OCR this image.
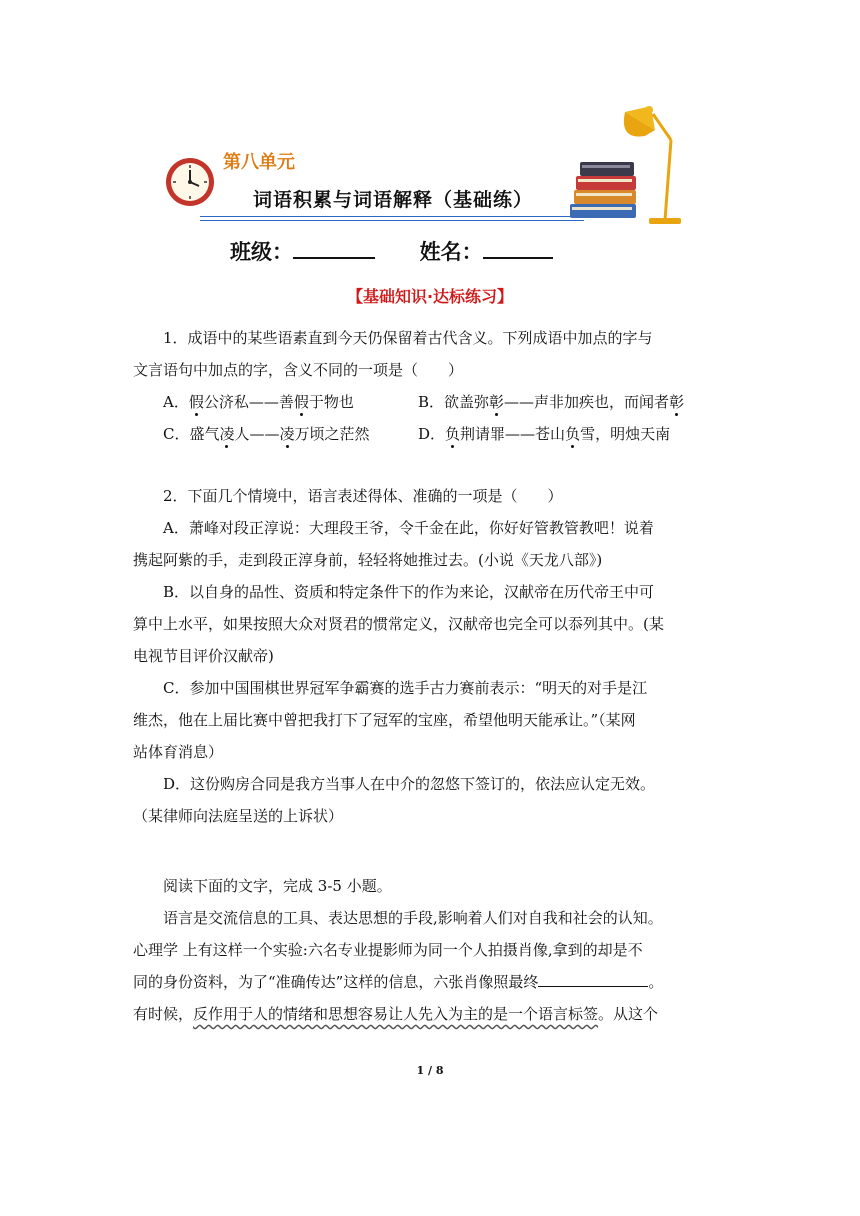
第八单元
词语积累与词语解释（基础练）
班级：	姓名：
【基础知识·达标练习】

1．成语中的某些语素直到今天仍保留着古代含义。下列成语中加点的字与

文言语句中加点的字，含义不同的一项是（　　）

A．假公济私——善假于物也	B．欲盖弥彰——声非加疾也，而闻者彰
C．盛气凌人——凌万顷之茫然	D．负荆请罪——苍山负雪，明烛天南

2．下面几个情境中，语言表述得体、准确的一项是（　　）

A．萧峰对段正淳说：大理段王爷，令千金在此，你好好管教管教吧！说着

携起阿紫的手，走到段正淳身前，轻轻将她推过去。(小说《天龙八部》)

B．以自身的品性、资质和特定条件下的作为来论，汉献帝在历代帝王中可

算中上水平，如果按照大众对贤君的惯常定义，汉献帝也完全可以忝列其中。(某

电视节目评价汉献帝)

C．参加中国围棋世界冠军争霸赛的选手古力赛前表示：“明天的对手是江

维杰，他在上届比赛中曾把我打下了冠军的宝座，希望他明天能承让。”（某网

站体育消息）

D．这份购房合同是我方当事人在中介的忽悠下签订的，依法应认定无效。

（某律师向法庭呈送的上诉状）

阅读下面的文字，完成 3-5 小题。

语言是交流信息的工具、表达思想的手段,影响着人们对自我和社会的认知。

心理学 上有这样一个实验:六名专业提影师为同一个人拍摄肖像,拿到的却是不

同的身份资料，为了“准确传达”这样的信息，六张肖像照最终	。

有时候，反作用于人的情绪和思想容易让人先入为主的是一个语言标签。从这个

1 / 8
